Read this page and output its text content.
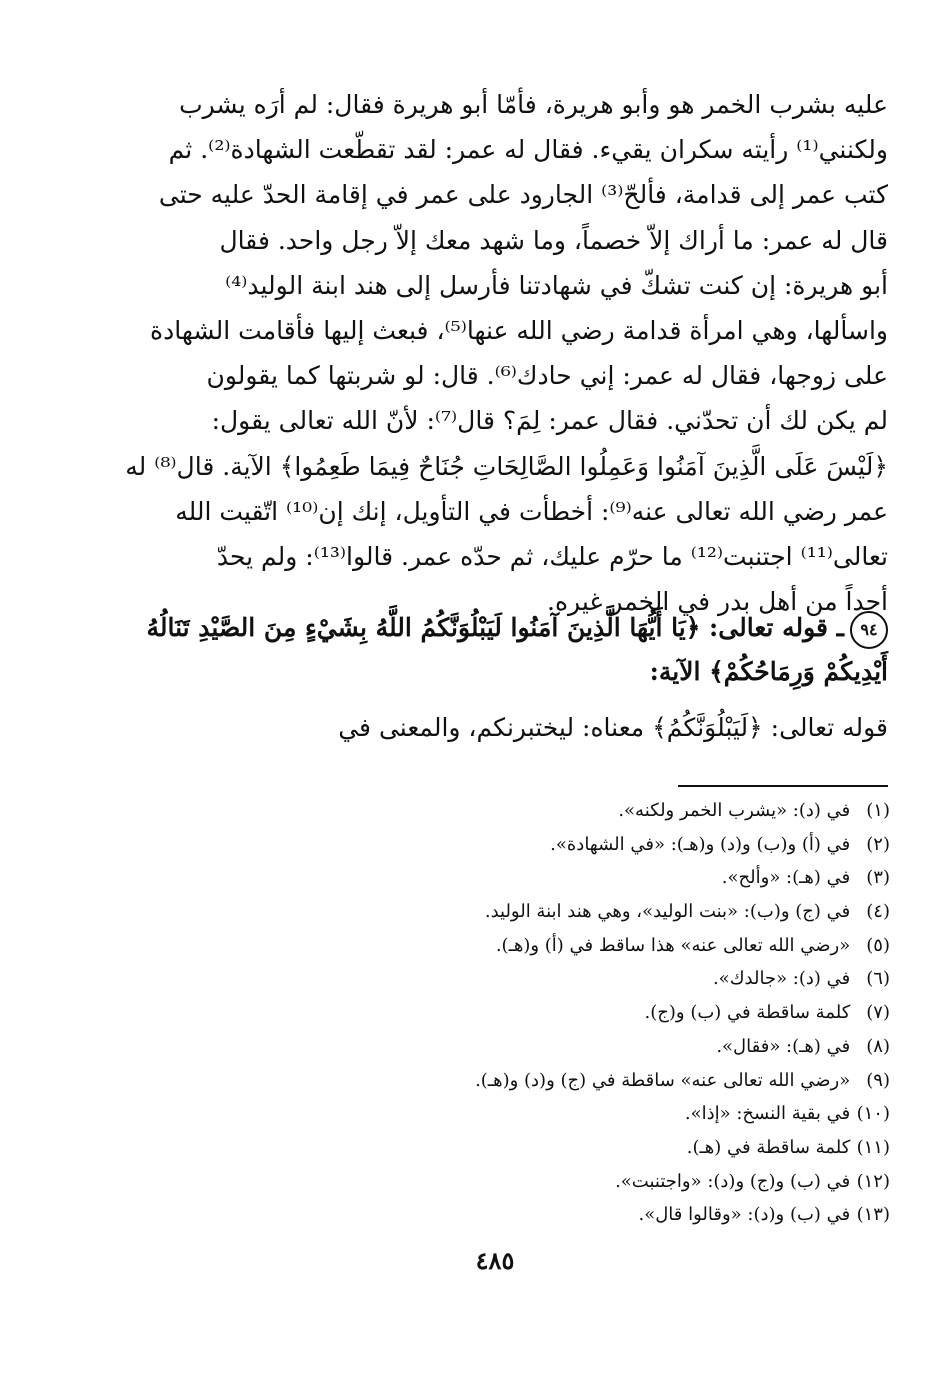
عليه بشرب الخمر هو وأبو هريرة، فأمّا أبو هريرة فقال: لم أرَه يشرب
ولكنني⁽¹⁾ رأيته سكران يقيء. فقال له عمر: لقد تقطّعت الشهادة⁽²⁾. ثم
كتب عمر إلى قدامة، فألحّ⁽³⁾ الجارود على عمر في إقامة الحدّ عليه حتى
قال له عمر: ما أراك إلاّ خصماً، وما شهد معك إلاّ رجل واحد. فقال
أبو هريرة: إن كنت تشكّ في شهادتنا فأرسل إلى هند ابنة الوليد⁽⁴⁾
واسألها، وهي امرأة قدامة رضي الله عنها⁽⁵⁾، فبعث إليها فأقامت الشهادة
على زوجها، فقال له عمر: إني حادك⁽⁶⁾. قال: لو شربتها كما يقولون
لم يكن لك أن تحدّني. فقال عمر: لِمَ؟ قال⁽⁷⁾: لأنّ الله تعالى يقول:
﴿لَيْسَ عَلَى الَّذِينَ آمَنُوا وَعَمِلُوا الصَّالِحَاتِ جُنَاحٌ فِيمَا طَعِمُوا﴾ الآية. قال⁽⁸⁾ له
عمر رضي الله تعالى عنه⁽⁹⁾: أخطأت في التأويل، إنك إن⁽¹⁰⁾ اتّقيت الله
تعالى⁽¹¹⁾ اجتنبت⁽¹²⁾ ما حرّم عليك، ثم حدّه عمر. قالوا⁽¹³⁾: ولم يحدّ
أحداً من أهل بدر في الخمر غيره.
٩٤ـ قوله تعالى: ﴿يَا أَيُّهَا الَّذِينَ آمَنُوا لَيَبْلُوَنَّكُمُ اللَّهُ بِشَيْءٍ مِنَ الصَّيْدِ تَنَالُهُ
أَيْدِيكُمْ وَرِمَاحُكُمْ﴾ الآية:
قوله تعالى: ﴿لَيَبْلُوَنَّكُمُ﴾ معناه: ليختبرنكم، والمعنى في
(١) في (د): «يشرب الخمر ولكنه».
(٢) في (أ) و(ب) و(د) و(هـ): «في الشهادة».
(٣) في (هـ): «وألح».
(٤) في (ج) و(ب): «بنت الوليد»، وهي هند ابنة الوليد.
(٥) «رضي الله تعالى عنه» هذا ساقط في (أ) و(هـ).
(٦) في (د): «جالدك».
(٧) كلمة ساقطة في (ب) و(ج).
(٨) في (هـ): «فقال».
(٩) «رضي الله تعالى عنه» ساقطة في (ج) و(د) و(هـ).
(١٠) في بقية النسخ: «إذا».
(١١) كلمة ساقطة في (هـ).
(١٢) في (ب) و(ج) و(د): «واجتنبت».
(١٣) في (ب) و(د): «وقالوا قال».
٤٨٥
